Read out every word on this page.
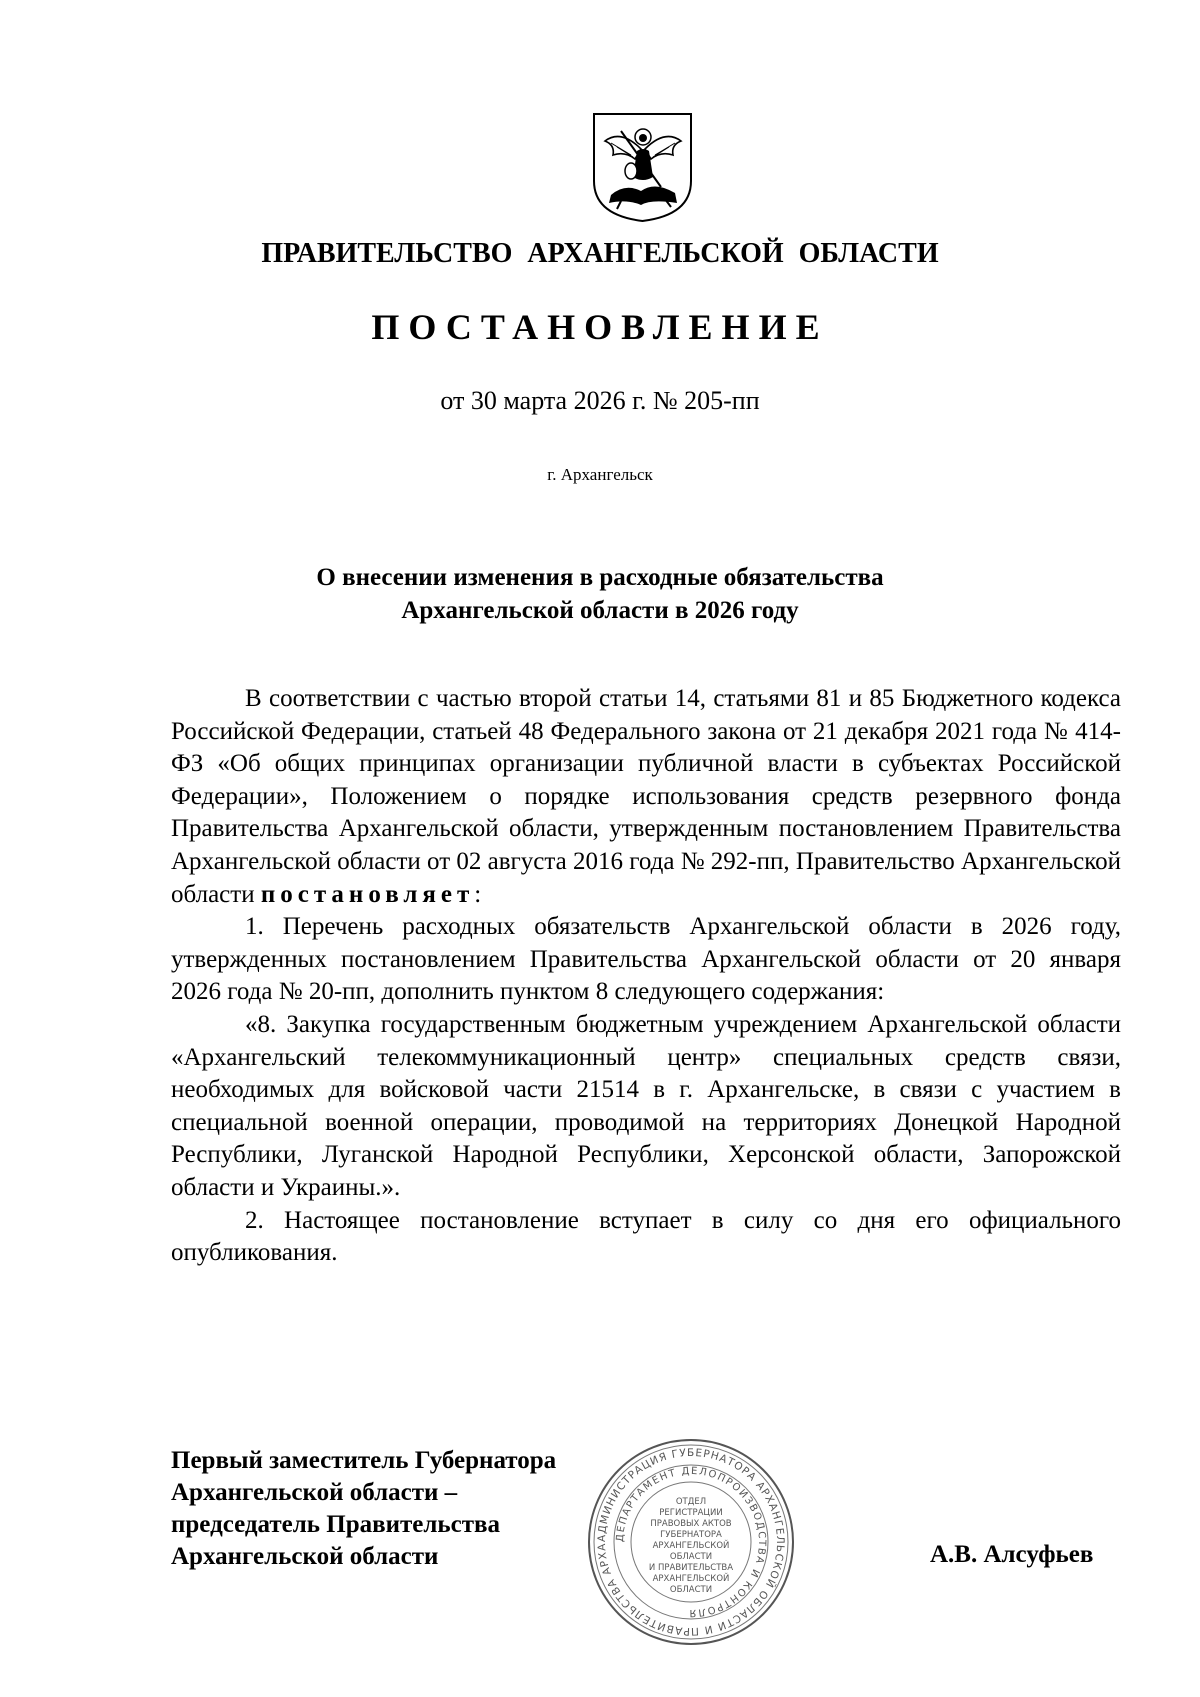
ПРАВИТЕЛЬСТВО АРХАНГЕЛЬСКОЙ ОБЛАСТИ
ПОСТАНОВЛЕНИЕ
от 30 марта 2026 г. № 205-пп
г. Архангельск
О внесении изменения в расходные обязательства
Архангельской области в 2026 году

В соответствии с частью второй статьи 14, статьями 81 и 85 Бюджетного кодекса Российской Федерации, статьей 48 Федерального закона от 21 декабря 2021 года № 414-ФЗ «Об общих принципах организации публичной власти в субъектах Российской Федерации», Положением о порядке использования средств резервного фонда Правительства Архангельской области, утвержденным постановлением Правительства Архангельской области от 02 августа 2016 года № 292-пп, Правительство Архангельской области постановляет:

1. Перечень расходных обязательств Архангельской области в 2026 году, утвержденных постановлением Правительства Архангельской области от 20 января 2026 года № 20-пп, дополнить пунктом 8 следующего содержания:

«8. Закупка государственным бюджетным учреждением Архангельской области «Архангельский телекоммуникационный центр» специальных средств связи, необходимых для войсковой части 21514 в г. Архангельске, в связи с участием в специальной военной операции, проводимой на территориях Донецкой Народной Республики, Луганской Народной Республики, Херсонской области, Запорожской области и Украины.».

2. Настоящее постановление вступает в силу со дня его официального опубликования.

Первый заместитель Губернатора
Архангельской области –
председатель Правительства
Архангельской области
АДМИНИСТРАЦИЯ ГУБЕРНАТОРА АРХАНГЕЛЬСКОЙ ОБЛАСТИ И ПРАВИТЕЛЬСТВА АРХА
ДЕПАРТАМЕНТ ДЕЛОПРОИЗВОДСТВА И КОНТРОЛЯ
ОТДЕЛ
РЕГИСТРАЦИИ
ПРАВОВЫХ АКТОВ
ГУБЕРНАТОРА
АРХАНГЕЛЬСКОЙ
ОБЛАСТИ
И ПРАВИТЕЛЬСТВА
АРХАНГЕЛЬСКОЙ
ОБЛАСТИ
А.В. Алсуфьев
